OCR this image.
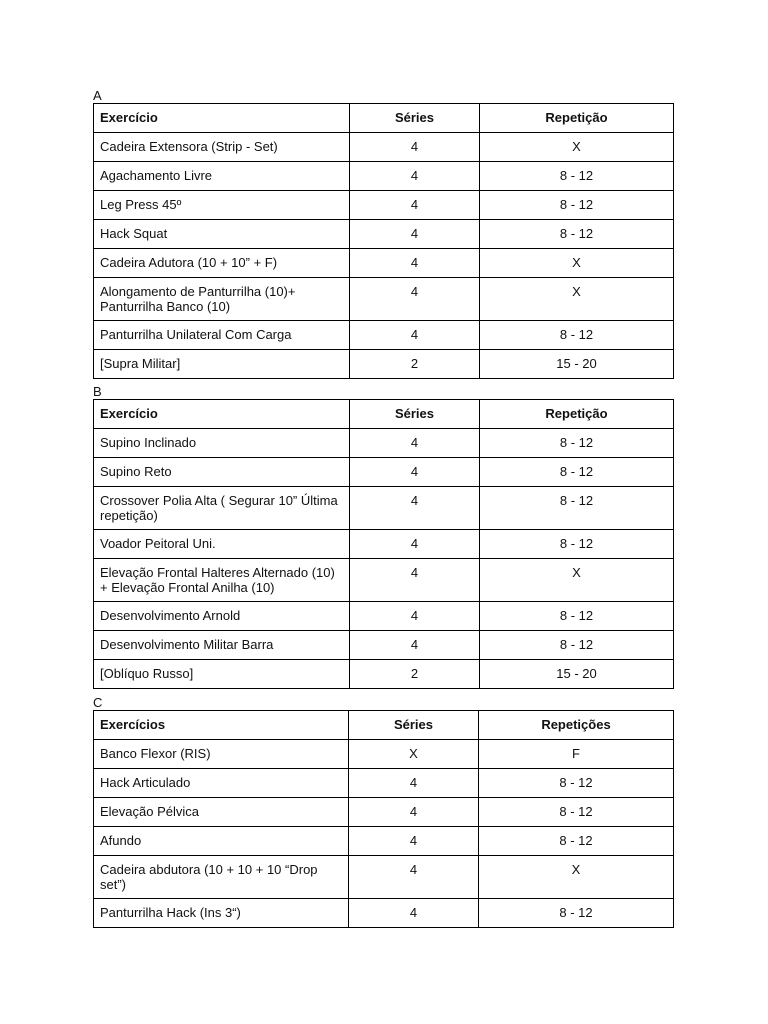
A
Exercício	Séries	Repetição
Cadeira Extensora (Strip - Set)	4	X
Agachamento Livre	4	8 - 12
Leg Press 45º	4	8 - 12
Hack Squat	4	8 - 12
Cadeira Adutora (10 + 10” + F)	4	X
Alongamento de Panturrilha (10)+ Panturrilha Banco (10)	4	X
Panturrilha Unilateral Com Carga	4	8 - 12
[Supra Militar]	2	15 - 20
B
Exercício	Séries	Repetição
Supino Inclinado	4	8 - 12
Supino Reto	4	8 - 12
Crossover Polia Alta ( Segurar 10” Última repetição)	4	8 - 12
Voador Peitoral Uni.	4	8 - 12
Elevação Frontal Halteres Alternado (10) + Elevação Frontal Anilha (10)	4	X
Desenvolvimento Arnold	4	8 - 12
Desenvolvimento Militar Barra	4	8 - 12
[Oblíquo Russo]	2	15 - 20
C
Exercícios	Séries	Repetições
Banco Flexor (RIS)	X	F
Hack Articulado	4	8 - 12
Elevação Pélvica	4	8 - 12
Afundo	4	8 - 12
Cadeira abdutora (10 + 10 + 10 “Drop set”)	4	X
Panturrilha Hack (Ins 3“)	4	8 - 12
